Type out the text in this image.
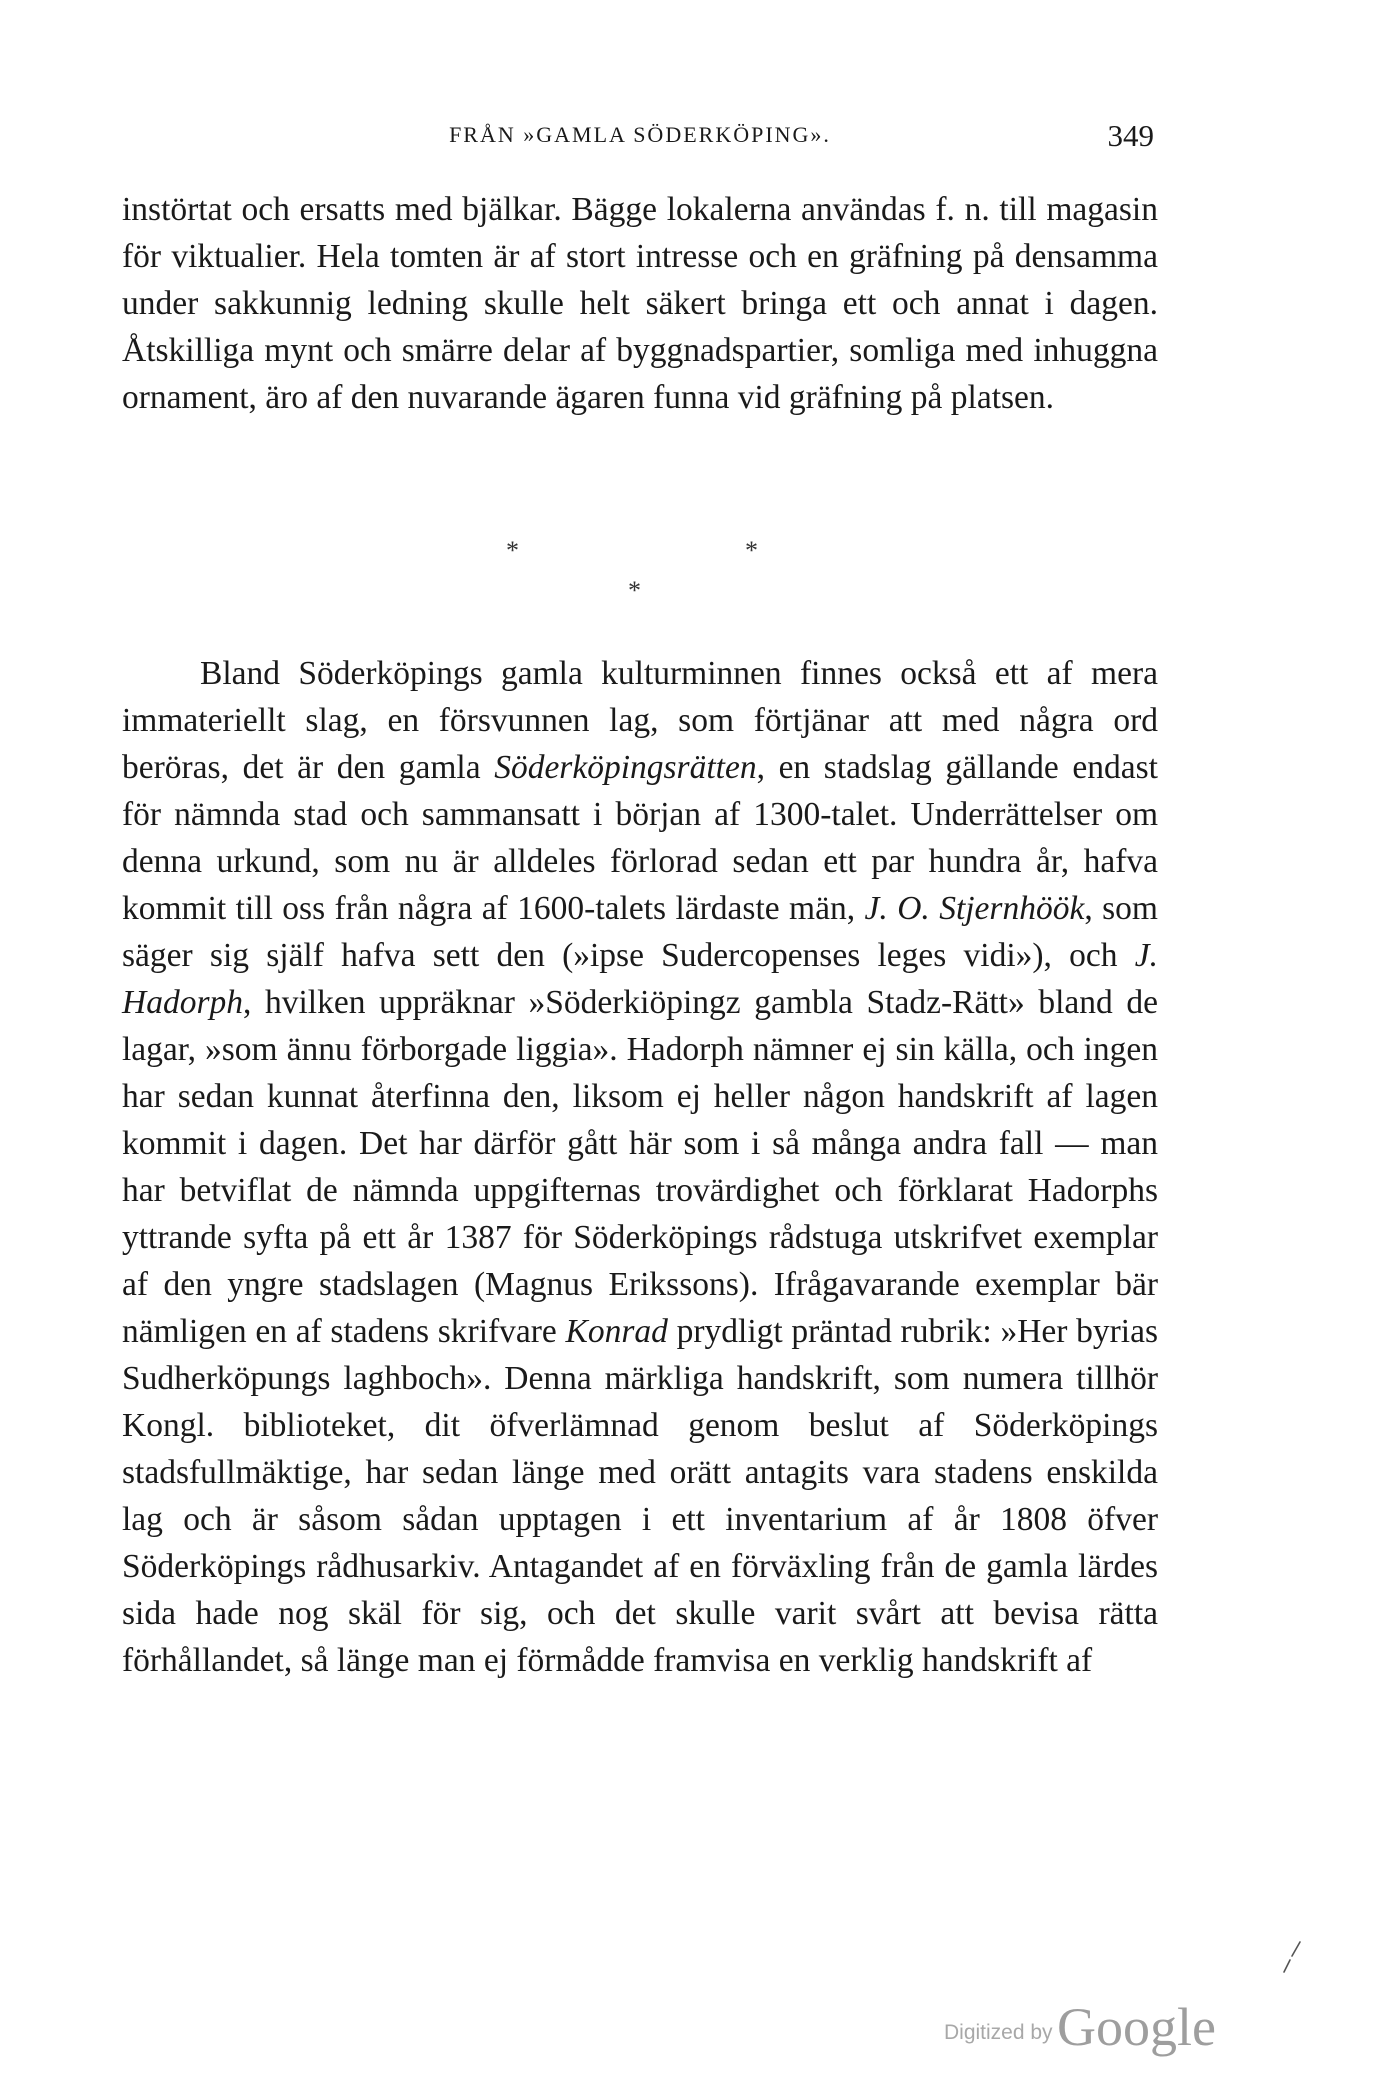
FRÅN »GAMLA SÖDERKÖPING».	349

instörtat och ersatts med bjälkar. Bägge lokalerna användas f. n. till magasin för viktualier. Hela tomten är af stort intresse och en gräfning på densamma under sakkunnig ledning skulle helt säkert bringa ett och annat i dagen. Åtskilliga mynt och smärre delar af byggnadspartier, somliga med inhuggna ornament, äro af den nuvarande ägaren funna vid gräfning på platsen.

*	*
*

Bland Söderköpings gamla kulturminnen finnes också ett af mera immateriellt slag, en försvunnen lag, som förtjänar att med några ord beröras, det är den gamla Söderköpingsrätten, en stadslag gällande endast för nämnda stad och sammansatt i början af 1300-talet. Underrättelser om denna urkund, som nu är alldeles förlorad sedan ett par hundra år, hafva kommit till oss från några af 1600-talets lärdaste män, J. O. Stjernhöök, som säger sig själf hafva sett den (»ipse Sudercopenses leges vidi»), och J. Hadorph, hvilken uppräknar »Söderkiöpingz gambla Stadz-Rätt» bland de lagar, »som ännu förborgade liggia». Hadorph nämner ej sin källa, och ingen har sedan kunnat återfinna den, liksom ej heller någon handskrift af lagen kommit i dagen. Det har därför gått här som i så många andra fall — man har betviflat de nämnda uppgifternas trovärdighet och förklarat Hadorphs yttrande syfta på ett år 1387 för Söderköpings rådstuga utskrifvet exemplar af den yngre stadslagen (Magnus Erikssons). Ifrågavarande exemplar bär nämligen en af stadens skrifvare Konrad prydligt präntad rubrik: »Her byrias Sudherköpungs laghboch». Denna märkliga handskrift, som numera tillhör Kongl. biblioteket, dit öfverlämnad genom beslut af Söderköpings stadsfullmäktige, har sedan länge med orätt antagits vara stadens enskilda lag och är såsom sådan upptagen i ett inventarium af år 1808 öfver Söderköpings rådhusarkiv. Antagandet af en förväxling från de gamla lärdes sida hade nog skäl för sig, och det skulle varit svårt att bevisa rätta förhållandet, så länge man ej förmådde framvisa en verklig handskrift af

Digitized by Google
